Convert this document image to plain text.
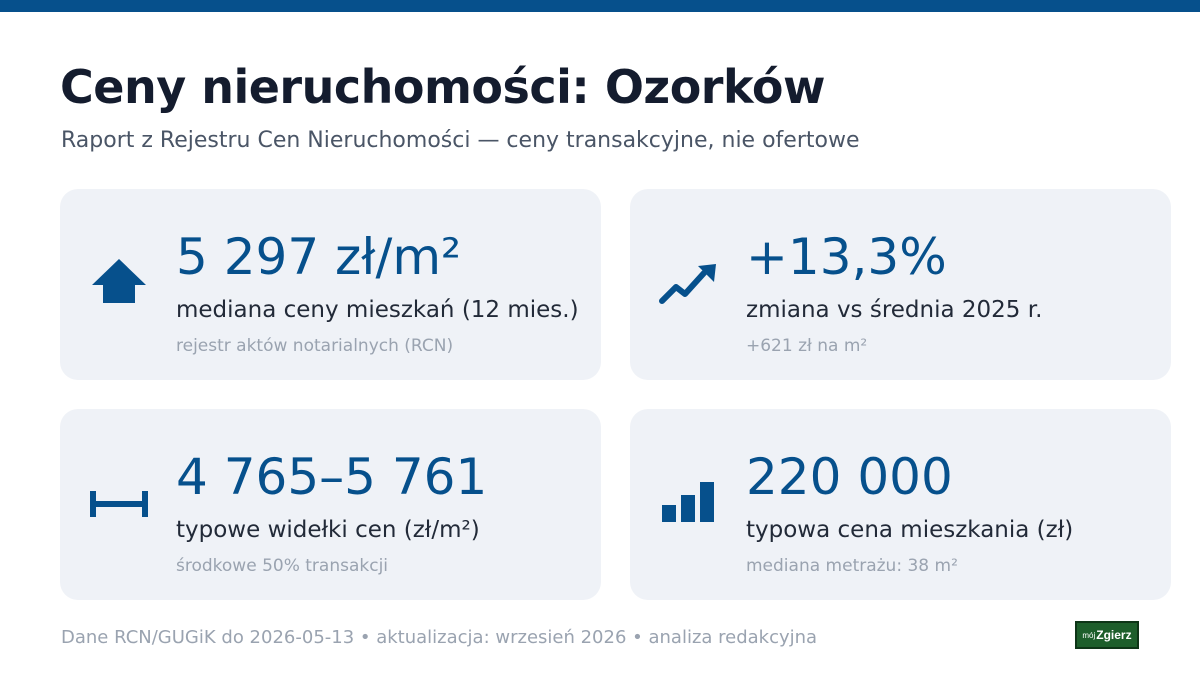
Ceny nieruchomości: Ozorków
Raport z Rejestru Cen Nieruchomości — ceny transakcyjne, nie ofertowe
5 297 zł/m²
mediana ceny mieszkań (12 mies.)
rejestr aktów notarialnych (RCN)
+13,3%
zmiana vs średnia 2025 r.
+621 zł na m²
4 765–5 761
typowe widełki cen (zł/m²)
środkowe 50% transakcji
220 000
typowa cena mieszkania (zł)
mediana metrażu: 38 m²
Dane RCN/GUGiK do 2026-05-13 • aktualizacja: wrzesień 2026 • analiza redakcyjna	mój Zgierz
